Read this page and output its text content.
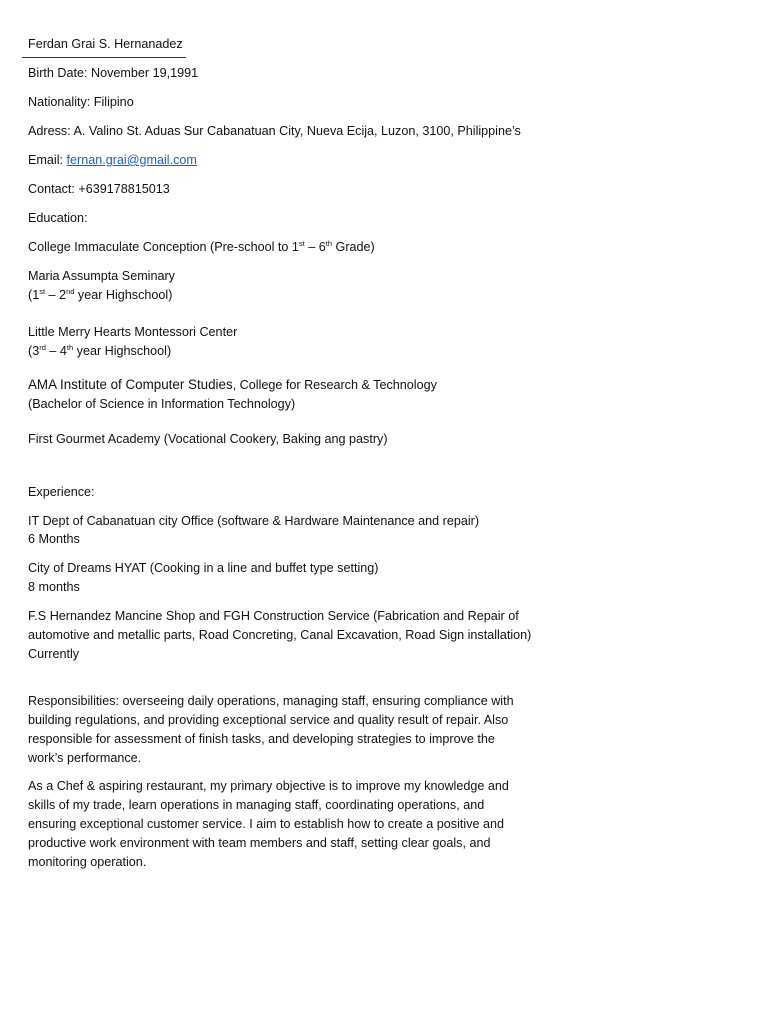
Ferdan Grai S. Hernanadez
Birth Date: November 19,1991
Nationality: Filipino
Adress: A. Valino St. Aduas Sur Cabanatuan City, Nueva Ecija, Luzon, 3100, Philippine’s
Email: fernan.grai@gmail.com
Contact: +639178815013
Education:
College Immaculate Conception (Pre-school to 1st – 6th Grade)
Maria Assumpta Seminary
(1st – 2nd year Highschool)
Little Merry Hearts Montessori Center
(3rd – 4th year Highschool)
AMA Institute of Computer Studies, College for Research & Technology
(Bachelor of Science in Information Technology)
First Gourmet Academy (Vocational Cookery, Baking ang pastry)
Experience:
IT Dept of Cabanatuan city Office (software & Hardware Maintenance and repair)
6 Months
City of Dreams HYAT (Cooking in a line and buffet type setting)
8 months
F.S Hernandez Mancine Shop and FGH Construction Service (Fabrication and Repair of
automotive and metallic parts, Road Concreting, Canal Excavation, Road Sign installation)
Currently
Responsibilities: overseeing daily operations, managing staff, ensuring compliance with
building regulations, and providing exceptional service and quality result of repair. Also
responsible for assessment of finish tasks, and developing strategies to improve the
work’s performance.
As a Chef & aspiring restaurant, my primary objective is to improve my knowledge and
skills of my trade, learn operations in managing staff, coordinating operations, and
ensuring exceptional customer service. I aim to establish how to create a positive and
productive work environment with team members and staff, setting clear goals, and
monitoring operation.
